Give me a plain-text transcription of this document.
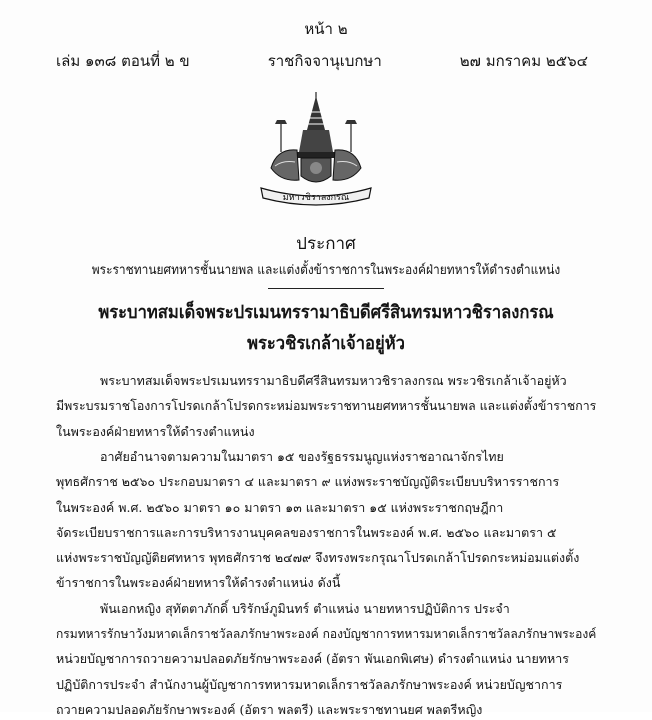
หน้า ๒
เล่ม ๑๓๘ ตอนที่ ๒ ข	ราชกิจจานุเบกษา	๒๗ มกราคม ๒๕๖๔
มหาวชิราลงกรณ
ประกาศ
พระราชทานยศทหารชั้นนายพล และแต่งตั้งข้าราชการในพระองค์ฝ่ายทหารให้ดำรงตำแหน่ง
พระบาทสมเด็จพระปรเมนทรรามาธิบดีศรีสินทรมหาวชิราลงกรณ
พระวชิรเกล้าเจ้าอยู่หัว
พระบาทสมเด็จพระปรเมนทรรามาธิบดีศรีสินทรมหาวชิราลงกรณ พระวชิรเกล้าเจ้าอยู่หัว
มีพระบรมราชโองการโปรดเกล้าโปรดกระหม่อมพระราชทานยศทหารชั้นนายพล และแต่งตั้งข้าราชการ
ในพระองค์ฝ่ายทหารให้ดำรงตำแหน่ง
อาศัยอำนาจตามความในมาตรา ๑๕ ของรัฐธรรมนูญแห่งราชอาณาจักรไทย
พุทธศักราช ๒๕๖๐ ประกอบมาตรา ๔ และมาตรา ๙ แห่งพระราชบัญญัติระเบียบบริหารราชการ
ในพระองค์ พ.ศ. ๒๕๖๐ มาตรา ๑๐ มาตรา ๑๓ และมาตรา ๑๕ แห่งพระราชกฤษฎีกา
จัดระเบียบราชการและการบริหารงานบุคคลของราชการในพระองค์ พ.ศ. ๒๕๖๐ และมาตรา ๕
แห่งพระราชบัญญัติยศทหาร พุทธศักราช ๒๔๗๙ จึงทรงพระกรุณาโปรดเกล้าโปรดกระหม่อมแต่งตั้ง
ข้าราชการในพระองค์ฝ่ายทหารให้ดำรงตำแหน่ง ดังนี้
พันเอกหญิง สุทัตตาภักดิ์ บริรักษ์ภูมินทร์ ตำแหน่ง นายทหารปฏิบัติการ ประจำ
กรมทหารรักษาวังมหาดเล็กราชวัลลภรักษาพระองค์ กองบัญชาการทหารมหาดเล็กราชวัลลภรักษาพระองค์
หน่วยบัญชาการถวายความปลอดภัยรักษาพระองค์ (อัตรา พันเอกพิเศษ) ดำรงตำแหน่ง นายทหาร
ปฏิบัติการประจำ สำนักงานผู้บัญชาการทหารมหาดเล็กราชวัลลภรักษาพระองค์ หน่วยบัญชาการ
ถวายความปลอดภัยรักษาพระองค์ (อัตรา พลตรี) และพระราชทานยศ พลตรีหญิง
